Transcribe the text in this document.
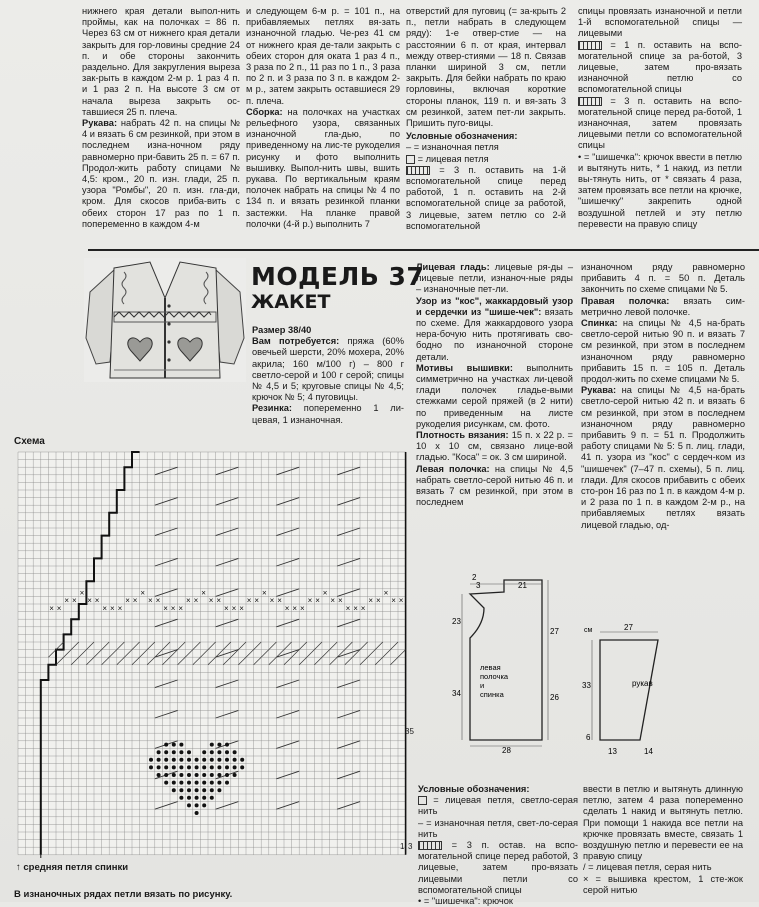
нижнего края детали выпол-нить проймы, как на полочках = 86 п. Через 63 см от нижнего края детали закрыть для гор-ловины средние 24 п. и обе стороны закончить раздельно. Для закругления выреза зак-рыть в каждом 2-м р. 1 раз 4 п. и 1 раз 2 п. На высоте 3 см от начала выреза закрыть ос-тавшиеся 25 п. плеча.

Рукава: набрать 42 п. на спицы № 4 и вязать 6 см резинкой, при этом в последнем изна-ночном ряду равномерно при-бавить 25 п. = 67 п. Продол-жить работу спицами № 4,5: кром., 20 п. изн. глади, 25 п. узора "Ромбы", 20 п. изн. гла-ди, кром. Для скосов приба-вить с обеих сторон 17 раз по 1 п. попеременно в каждом 4-м

и следующем 6-м р. = 101 п., на прибавляемых петлях вя-зать изнаночной гладью. Че-рез 41 см от нижнего края де-тали закрыть с обеих сторон для оката 1 раз 4 п., 3 раза по 2 п., 11 раз по 1 п., 3 раза по 2 п. и 3 раза по 3 п. в каждом 2-м р., затем закрыть оставшиеся 29 п. плеча.

Сборка: на полочках на участках рельефного узора, связанных изнаночной гла-дью, по приведенному на лис-те рукоделия рисунку и фото выполнить вышивку. Выпол-нить швы, вшить рукава. По вертикальным краям полочек набрать на спицы № 4 по 134 п. и вязать резинкой планки застежки. На планке правой полочки (4-й р.) выполнить 7

отверстий для пуговиц (= за-крыть 2 п., петли набрать в следующем ряду): 1-е отвер-стие — на расстоянии 6 п. от края, интервал между отвер-стиями — 18 п. Связав планки шириной 3 см, петли закрыть. Для бейки набрать по краю горловины, включая короткие стороны планок, 119 п. и вя-зать 3 см резинкой, затем пет-ли закрыть. Пришить пуго-вицы.

Условные обозначения:

– = изнаночная петля

= лицевая петля

= 3 п. оставить на 1-й вспомогательной спице перед работой, 1 п. оставить на 2-й вспомогательной спице за работой, 3 лицевые, затем петлю со 2-й вспомогательной

спицы провязать изнаночной и петли 1-й вспомогательной спицы — лицевыми

= 1 п. оставить на вспо-могательной спице за ра-ботой, 3 лицевые, затем про-вязать изнаночной петлю со вспомогательной спицы

= 3 п. оставить на вспо-могательной спице перед ра-ботой, 1 изнаночная, затем провязать лицевыми петли со вспомогательной спицы

• = "шишечка": крючок ввести в петлю и вытянуть нить, * 1 накид, из петли вы-тянуть нить, от * связать 4 раза, затем провязать все петли на крючке, "шишечку" закрепить одной воздушной петлей и эту петлю перевести на правую спицу

МОДЕЛЬ 37
ЖАКЕТ

Размер 38/40

Вам потребуется: пряжа (60% овечьей шерсти, 20% мохера, 20% акрила; 160 м/100 г) – 800 г светло-серой и 100 г серой; спицы № 4,5 и 5; круговые спицы № 4,5; крючок № 5; 4 пуговицы.

Резинка: попеременно 1 ли-цевая, 1 изнаночная.

Лицевая гладь: лицевые ря-ды – лицевые петли, изнаноч-ные ряды – изнаночные пет-ли.

Узор из "кос", жаккардовый узор и сердечки из "шише-чек": вязать по схеме. Для жаккардового узора нера-бочую нить протягивать сво-бодно по изнаночной стороне детали.

Мотивы вышивки: выполнить симметрично на участках ли-цевой глади полочек гладье-выми стежками серой пряжей (в 2 нити) по приведенным на листе рукоделия рисункам, см. фото.

Плотность вязания: 15 п. x 22 р. = 10 x 10 см, связано лице-вой гладью. "Коса" = ок. 3 см шириной.

Левая полочка: на спицы № 4,5 набрать светло-серой нитью 46 п. и вязать 7 см резинкой, при этом в последнем

изнаночном ряду равномерно прибавить 4 п. = 50 п. Деталь закончить по схеме спицами № 5.

Правая полочка: вязать сим-метрично левой полочке.

Спинка: на спицы № 4,5 на-брать светло-серой нитью 90 п. и вязать 7 см резинкой, при этом в последнем изнаночном ряду равномерно прибавить 15 п. = 105 п. Деталь продол-жить по схеме спицами № 5.

Рукава: на спицы № 4,5 на-брать светло-серой нитью 42 п. и вязать 6 см резинкой, при этом в последнем изнаночном ряду равномерно прибавить 9 п. = 51 п. Продолжить работу спицами № 5: 5 п. лиц. глади, 41 п. узора из "кос" с сердеч-ком из "шишечек" (7–47 п. схемы), 5 п. лиц. глади. Для скосов прибавить с обеих сто-рон 16 раз по 1 п. в каждом 4-м р. и 2 раза по 1 п. в каждом 2-м р., на прибавляемых петлях вязать лицевой гладью, од-

Схема
× ×
× ×
×
× ×
× × ×
× ×
×
× ×
× × ×
× ×
×
× ×
× × ×
× ×
×
× ×
× × ×
× ×
×
× ×
× × ×
× ×
×
× ×
35
3
1
↑ средняя петля спинки
В изнаночных рядах петли вязать по рисунку.
2
3	21
23
27
34	26
28
левая полочка и спинка
см	27
33
6
13	14
рукав

Условные обозначения:

= лицевая петля, светло-серая нить

– = изнаночная петля, свет-ло-серая нить

= 3 п. остав. на вспо-могательной спице перед работой, 3 лицевые, затем про-вязать лицевыми петли со вспомогательной спицы

• = "шишечка": крючок

ввести в петлю и вытянуть длинную петлю, затем 4 раза попеременно сделать 1 накид и вытянуть петлю. При помощи 1 накида все петли на крючке провязать вместе, связать 1 воздушную петлю и перевести ее на правую спицу

/ = лицевая петля, серая нить

× = вышивка крестом, 1 сте-жок серой нитью
